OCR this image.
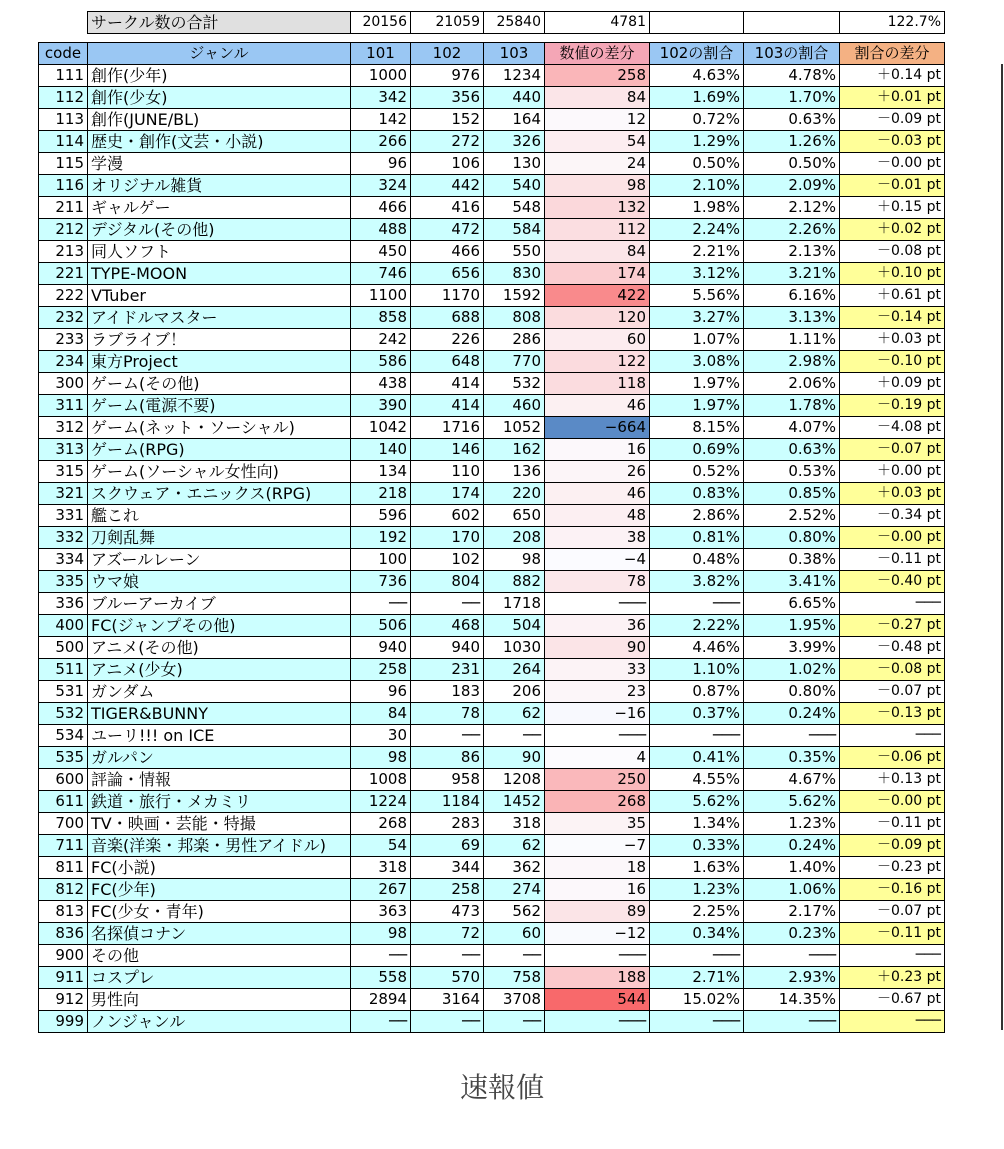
サークル数の合計	20156	21059	25840	4781			122.7%
code	ジャンル	101	102	103	数値の差分	102の割合	103の割合	割合の差分
111	創作(少年)	1000	976	1234	258	4.63%	4.78%	＋0.14 pt
112	創作(少女)	342	356	440	84	1.69%	1.70%	＋0.01 pt
113	創作(JUNE/BL)	142	152	164	12	0.72%	0.63%	－0.09 pt
114	歴史・創作(文芸・小説)	266	272	326	54	1.29%	1.26%	－0.03 pt
115	学漫	96	106	130	24	0.50%	0.50%	－0.00 pt
116	オリジナル雑貨	324	442	540	98	2.10%	2.09%	－0.01 pt
211	ギャルゲー	466	416	548	132	1.98%	2.12%	＋0.15 pt
212	デジタル(その他)	488	472	584	112	2.24%	2.26%	＋0.02 pt
213	同人ソフト	450	466	550	84	2.21%	2.13%	－0.08 pt
221	TYPE-MOON	746	656	830	174	3.12%	3.21%	＋0.10 pt
222	VTuber	1100	1170	1592	422	5.56%	6.16%	＋0.61 pt
232	アイドルマスター	858	688	808	120	3.27%	3.13%	－0.14 pt
233	ラブライブ！	242	226	286	60	1.07%	1.11%	＋0.03 pt
234	東方Project	586	648	770	122	3.08%	2.98%	－0.10 pt
300	ゲーム(その他)	438	414	532	118	1.97%	2.06%	＋0.09 pt
311	ゲーム(電源不要)	390	414	460	46	1.97%	1.78%	－0.19 pt
312	ゲーム(ネット・ソーシャル)	1042	1716	1052	−664	8.15%	4.07%	－4.08 pt
313	ゲーム(RPG)	140	146	162	16	0.69%	0.63%	－0.07 pt
315	ゲーム(ソーシャル女性向)	134	110	136	26	0.52%	0.53%	＋0.00 pt
321	スクウェア・エニックス(RPG)	218	174	220	46	0.83%	0.85%	＋0.03 pt
331	艦これ	596	602	650	48	2.86%	2.52%	－0.34 pt
332	刀剣乱舞	192	170	208	38	0.81%	0.80%	－0.00 pt
334	アズールレーン	100	102	98	−4	0.48%	0.38%	－0.11 pt
335	ウマ娘	736	804	882	78	3.82%	3.41%	－0.40 pt
336	ブルーアーカイブ	──	──	1718	───	───	6.65%	───
400	FC(ジャンプその他)	506	468	504	36	2.22%	1.95%	－0.27 pt
500	アニメ(その他)	940	940	1030	90	4.46%	3.99%	－0.48 pt
511	アニメ(少女)	258	231	264	33	1.10%	1.02%	－0.08 pt
531	ガンダム	96	183	206	23	0.87%	0.80%	－0.07 pt
532	TIGER&BUNNY	84	78	62	−16	0.37%	0.24%	－0.13 pt
534	ユーリ!!! on ICE	30	──	──	───	───	───	───
535	ガルパン	98	86	90	4	0.41%	0.35%	－0.06 pt
600	評論・情報	1008	958	1208	250	4.55%	4.67%	＋0.13 pt
611	鉄道・旅行・メカミリ	1224	1184	1452	268	5.62%	5.62%	－0.00 pt
700	TV・映画・芸能・特撮	268	283	318	35	1.34%	1.23%	－0.11 pt
711	音楽(洋楽・邦楽・男性アイドル)	54	69	62	−7	0.33%	0.24%	－0.09 pt
811	FC(小説)	318	344	362	18	1.63%	1.40%	－0.23 pt
812	FC(少年)	267	258	274	16	1.23%	1.06%	－0.16 pt
813	FC(少女・青年)	363	473	562	89	2.25%	2.17%	－0.07 pt
836	名探偵コナン	98	72	60	−12	0.34%	0.23%	－0.11 pt
900	その他	──	──	──	───	───	───	───
911	コスプレ	558	570	758	188	2.71%	2.93%	＋0.23 pt
912	男性向	2894	3164	3708	544	15.02%	14.35%	－0.67 pt
999	ノンジャンル	──	──	──	───	───	───	───
速報値
